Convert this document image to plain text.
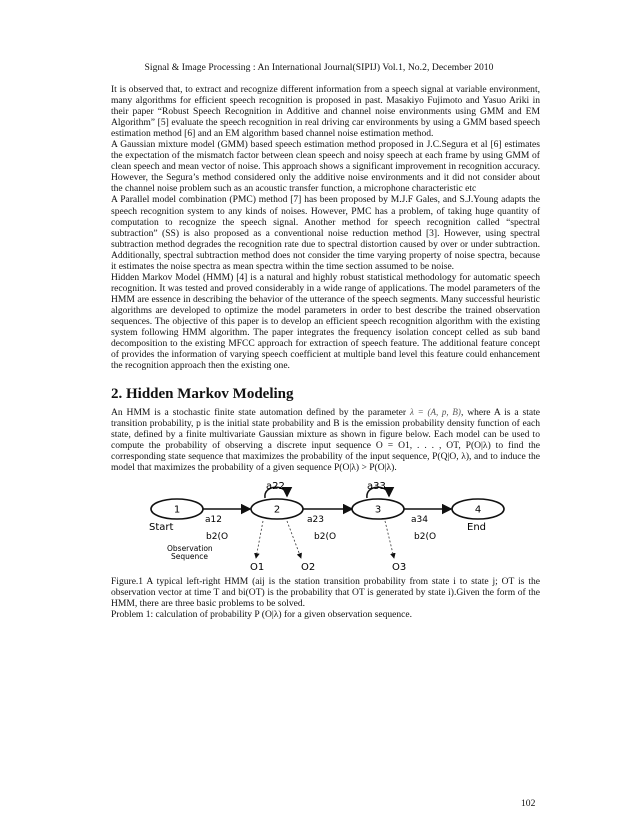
Signal & Image Processing : An International Journal(SIPIJ) Vol.1, No.2, December 2010

It is observed that, to extract and recognize different information from a speech signal at variable environment, many algorithms for efficient speech recognition is proposed in past. Masakiyo Fujimoto and Yasuo Ariki in their paper “Robust Speech Recognition in Additive and channel noise environments using GMM and EM Algorithm” [5] evaluate the speech recognition in real driving car environments by using a GMM based speech estimation method [6] and an EM algorithm based channel noise estimation method.

A Gaussian mixture model (GMM) based speech estimation method proposed in J.C.Segura et al [6] estimates the expectation of the mismatch factor between clean speech and noisy speech at each frame by using GMM of clean speech and mean vector of noise. This approach shows a significant improvement in recognition accuracy. However, the Segura’s method considered only the additive noise environments and it did not consider about the channel noise problem such as an acoustic transfer function, a microphone characteristic etc

A Parallel model combination (PMC) method [7] has been proposed by M.J.F Gales, and S.J.Young adapts the speech recognition system to any kinds of noises. However, PMC has a problem, of taking huge quantity of computation to recognize the speech signal. Another method for speech recognition called “spectral subtraction” (SS) is also proposed as a conventional noise reduction method [3]. However, using spectral subtraction method degrades the recognition rate due to spectral distortion caused by over or under subtraction. Additionally, spectral subtraction method does not consider the time varying property of noise spectra, because it estimates the noise spectra as mean spectra within the time section assumed to be noise.

Hidden Markov Model (HMM) [4] is a natural and highly robust statistical methodology for automatic speech recognition. It was tested and proved considerably in a wide range of applications. The model parameters of the HMM are essence in describing the behavior of the utterance of the speech segments. Many successful heuristic algorithms are developed to optimize the model parameters in order to best describe the trained observation sequences. The objective of this paper is to develop an efficient speech recognition algorithm with the existing system following HMM algorithm. The paper integrates the frequency isolation concept celled as sub band decomposition to the existing MFCC approach for extraction of speech feature. The additional feature concept of provides the information of varying speech coefficient at multiple band level this feature could enhancement the recognition approach then the existing one.

2. Hidden Markov Modeling

An HMM is a stochastic finite state automation defined by the parameter λ = (A, p, B), where A is a state transition probability, p is the initial state probability and B is the emission probability density function of each state, defined by a finite multivariate Gaussian mixture as shown in figure below. Each model can be used to compute the probability of observing a discrete input sequence O = O1, . . . , OT, P(O|λ) to find the corresponding state sequence that maximizes the probability of the input sequence, P(Q|O, λ), and to induce the model that maximizes the probability of a given sequence P(O|λ) > P(O|λ).

1	2	3	4
a22	a33
a12	a23	a34
Start	End
b2(O	b2(O	b2(O
Observation
Sequence
O1	O2	O3

Figure.1 A typical left-right HMM (aij is the station transition probability from state i to state j; OT is the observation vector at time T and bi(OT) is the probability that OT is generated by state i).Given the form of the HMM, there are three basic problems to be solved.

Problem 1: calculation of probability P (O|λ) for a given observation sequence.

102
